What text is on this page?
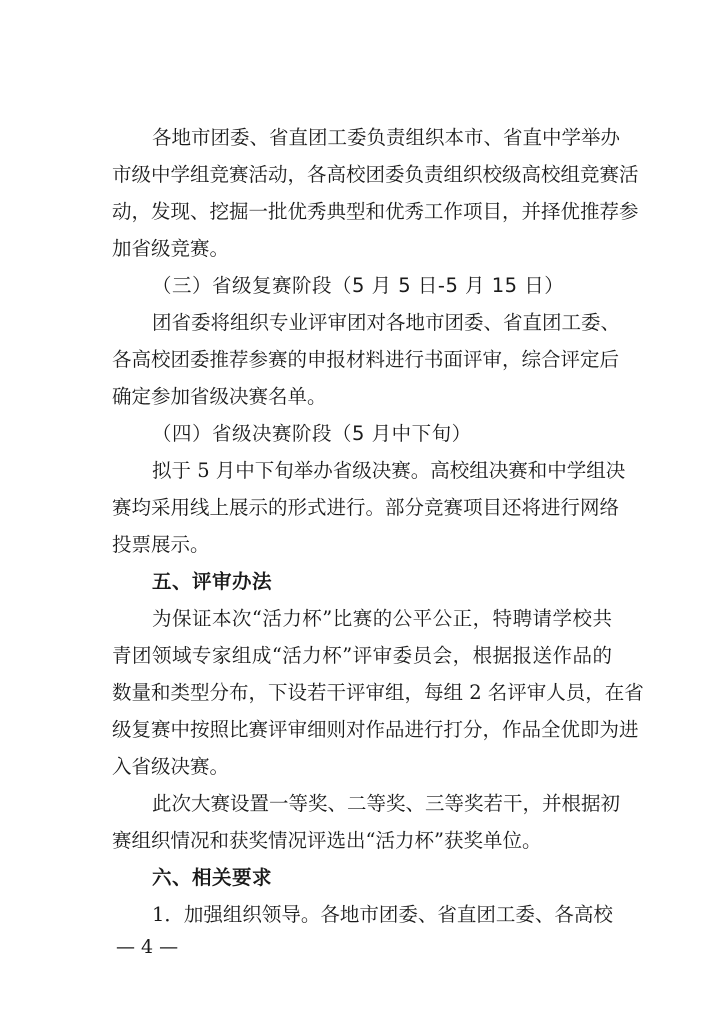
各地市团委、省直团工委负责组织本市、省直中学举办
市级中学组竞赛活动，各高校团委负责组织校级高校组竞赛活
动，发现、挖掘一批优秀典型和优秀工作项目，并择优推荐参
加省级竞赛。
（三）省级复赛阶段（5 月 5 日-5 月 15 日）
团省委将组织专业评审团对各地市团委、省直团工委、
各高校团委推荐参赛的申报材料进行书面评审，综合评定后
确定参加省级决赛名单。
（四）省级决赛阶段（5 月中下旬）
拟于 5 月中下旬举办省级决赛。高校组决赛和中学组决
赛均采用线上展示的形式进行。部分竞赛项目还将进行网络
投票展示。
五、评审办法
为保证本次“活力杯”比赛的公平公正，特聘请学校共
青团领域专家组成“活力杯”评审委员会，根据报送作品的
数量和类型分布，下设若干评审组，每组 2 名评审人员，在省
级复赛中按照比赛评审细则对作品进行打分，作品全优即为进
入省级决赛。
此次大赛设置一等奖、二等奖、三等奖若干，并根据初
赛组织情况和获奖情况评选出“活力杯”获奖单位。
六、相关要求
1．加强组织领导。各地市团委、省直团工委、各高校
— 4 —
